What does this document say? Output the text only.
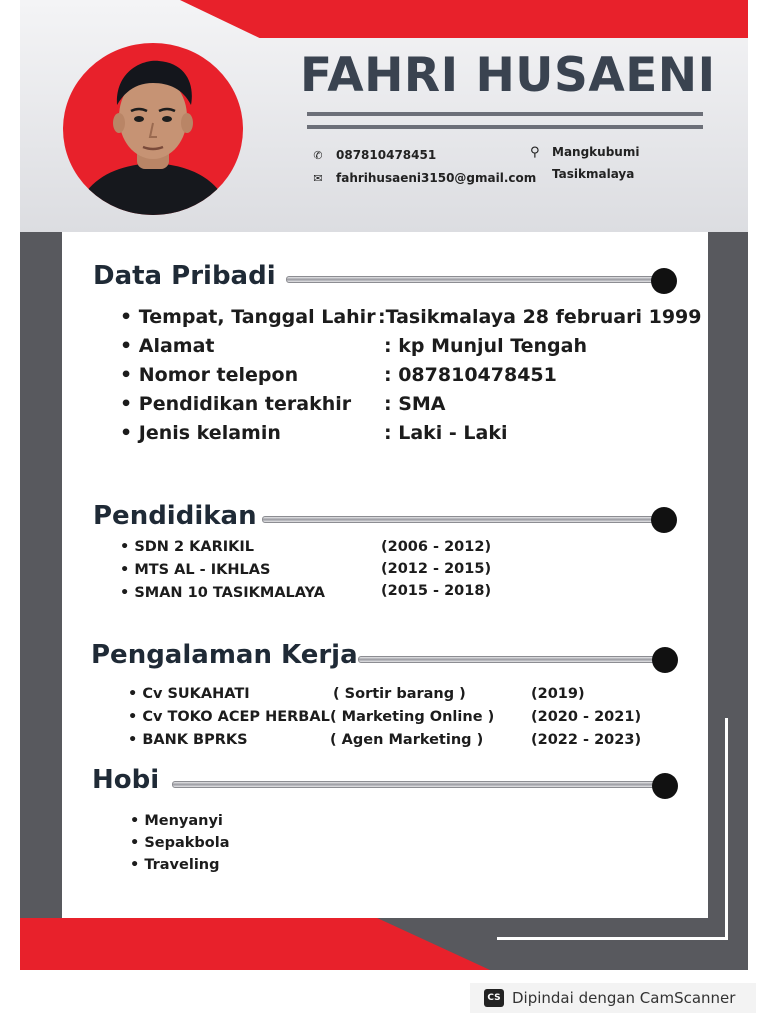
FAHRI HUSAENI
✆ 087810478451
✉ fahrihusaeni3150@gmail.com
⚲ Mangkubumi
Tasikmalaya
Data Pribadi
• Tempat, Tanggal Lahir :Tasikmalaya 28 februari 1999
• Alamat	: kp Munjul Tengah
• Nomor telepon	: 087810478451
• Pendidikan terakhir : SMA
• Jenis kelamin	: Laki - Laki
Pendidikan
• SDN 2 KARIKIL	(2006 - 2012)
• MTS AL - IKHLAS	(2012 - 2015)
• SMAN 10 TASIKMALAYA	(2015 - 2018)
Pengalaman Kerja
• Cv SUKAHATI	( Sortir barang )	(2019)
• Cv TOKO ACEP HERBAL ( Marketing Online )	(2020 - 2021)
• BANK BPRKS	( Agen Marketing )	(2022 - 2023)
Hobi
• Menyanyi
• Sepakbola
• Traveling
CS Dipindai dengan CamScanner
